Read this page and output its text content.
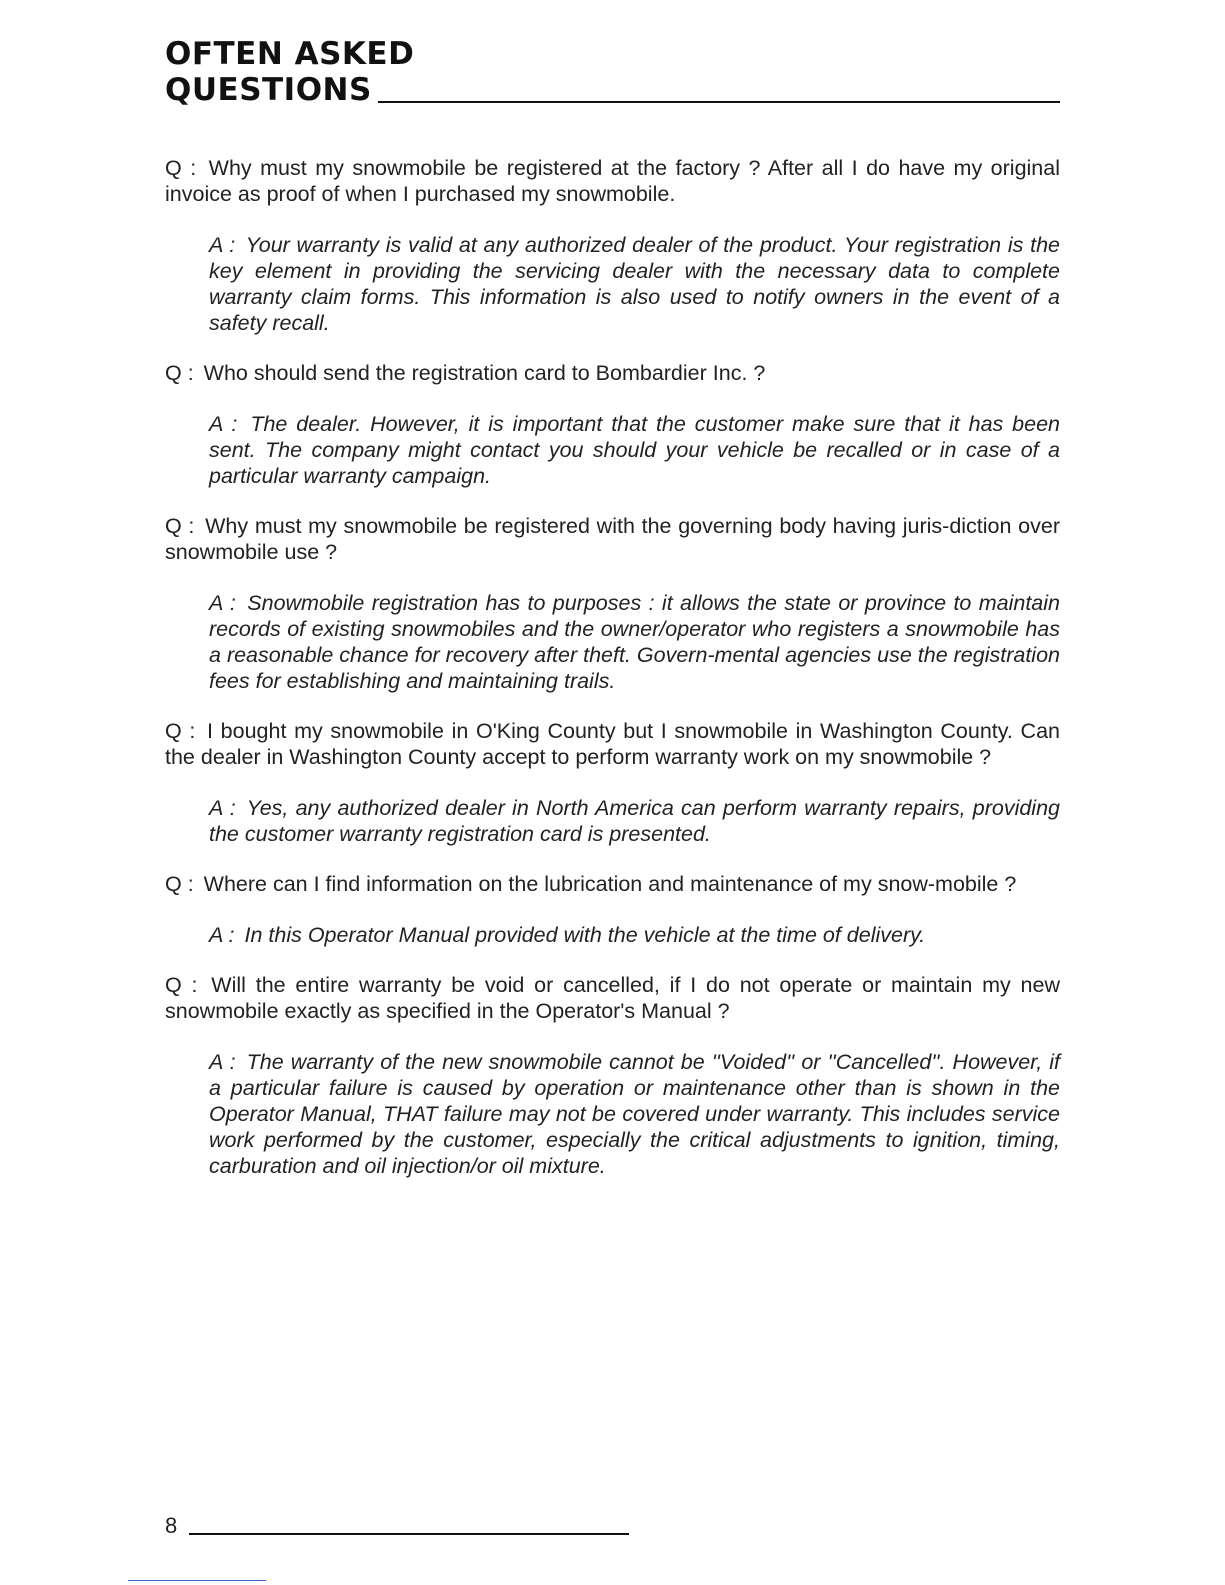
OFTEN ASKED
QUESTIONS

Q : Why must my snowmobile be registered at the factory ? After all I do have my original invoice as proof of when I purchased my snowmobile.

A : Your warranty is valid at any authorized dealer of the product. Your registration is the key element in providing the servicing dealer with the necessary data to complete warranty claim forms. This information is also used to notify owners in the event of a safety recall.

Q : Who should send the registration card to Bombardier Inc. ?

A : The dealer. However, it is important that the customer make sure that it has been sent. The company might contact you should your vehicle be recalled or in case of a particular warranty campaign.

Q : Why must my snowmobile be registered with the governing body having juris-diction over snowmobile use ?

A : Snowmobile registration has to purposes : it allows the state or province to maintain records of existing snowmobiles and the owner/operator who registers a snowmobile has a reasonable chance for recovery after theft. Govern-mental agencies use the registration fees for establishing and maintaining trails.

Q : I bought my snowmobile in O'King County but I snowmobile in Washington County. Can the dealer in Washington County accept to perform warranty work on my snowmobile ?

A : Yes, any authorized dealer in North America can perform warranty repairs, providing the customer warranty registration card is presented.

Q : Where can I find information on the lubrication and maintenance of my snow-mobile ?

A : In this Operator Manual provided with the vehicle at the time of delivery.

Q : Will the entire warranty be void or cancelled, if I do not operate or maintain my new snowmobile exactly as specified in the Operator's Manual ?

A : The warranty of the new snowmobile cannot be ''Voided'' or ''Cancelled''. However, if a particular failure is caused by operation or maintenance other than is shown in the Operator Manual, THAT failure may not be covered under warranty. This includes service work performed by the customer, especially the critical adjustments to ignition, timing, carburation and oil injection/or oil mixture.

8
